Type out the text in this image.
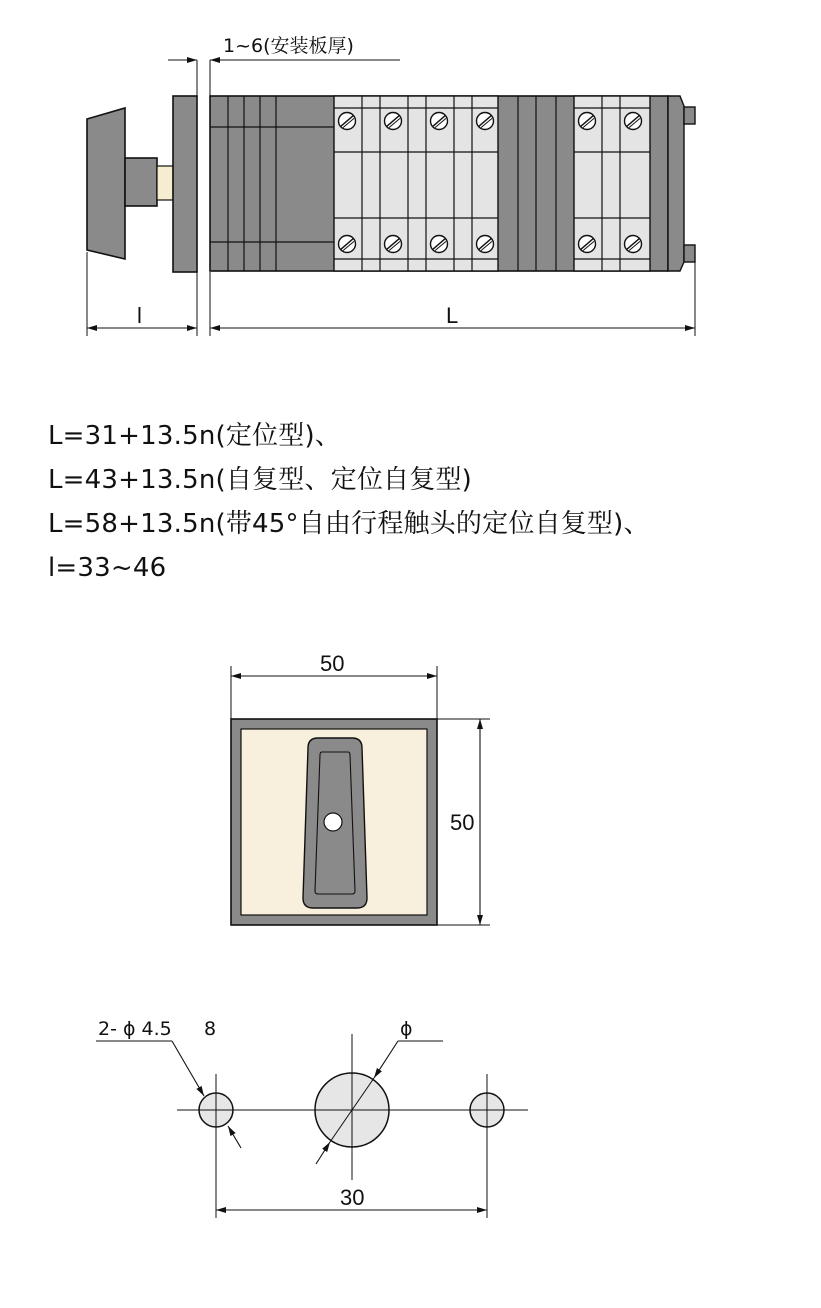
1~6(安装板厚)
l	L
50
50
2- ϕ 4.5 8	ϕ
30
L=31+13.5n(定位型)、
L=43+13.5n(自复型、定位自复型)
L=58+13.5n(带45°自由行程触头的定位自复型)、
l=33~46
